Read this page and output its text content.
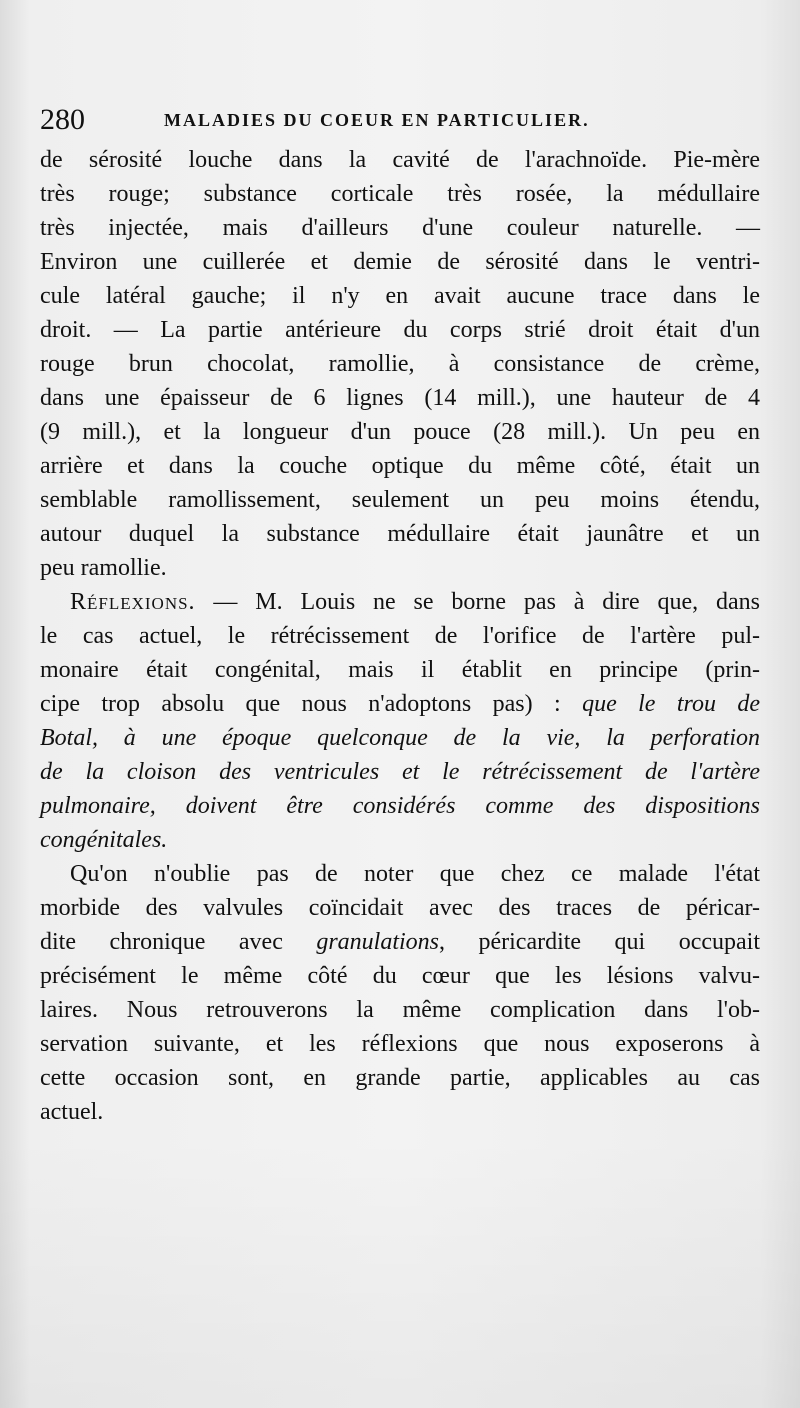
280	MALADIES DU COEUR EN PARTICULIER.
de sérosité louche dans la cavité de l'arachnoïde. Pie-mère
très rouge; substance corticale très rosée, la médullaire
très injectée, mais d'ailleurs d'une couleur naturelle. —
Environ une cuillerée et demie de sérosité dans le ventri-
cule latéral gauche; il n'y en avait aucune trace dans le
droit. — La partie antérieure du corps strié droit était d'un
rouge brun chocolat, ramollie, à consistance de crème,
dans une épaisseur de 6 lignes (14 mill.), une hauteur de 4
(9 mill.), et la longueur d'un pouce (28 mill.). Un peu en
arrière et dans la couche optique du même côté, était un
semblable ramollissement, seulement un peu moins étendu,
autour duquel la substance médullaire était jaunâtre et un
peu ramollie.
Réflexions. — M. Louis ne se borne pas à dire que, dans
le cas actuel, le rétrécissement de l'orifice de l'artère pul-
monaire était congénital, mais il établit en principe (prin-
cipe trop absolu que nous n'adoptons pas) : que le trou de
Botal, à une époque quelconque de la vie, la perforation
de la cloison des ventricules et le rétrécissement de l'artère
pulmonaire, doivent être considérés comme des dispositions
congénitales.
Qu'on n'oublie pas de noter que chez ce malade l'état
morbide des valvules coïncidait avec des traces de péricar-
dite chronique avec granulations, péricardite qui occupait
précisément le même côté du cœur que les lésions valvu-
laires. Nous retrouverons la même complication dans l'ob-
servation suivante, et les réflexions que nous exposerons à
cette occasion sont, en grande partie, applicables au cas
actuel.
